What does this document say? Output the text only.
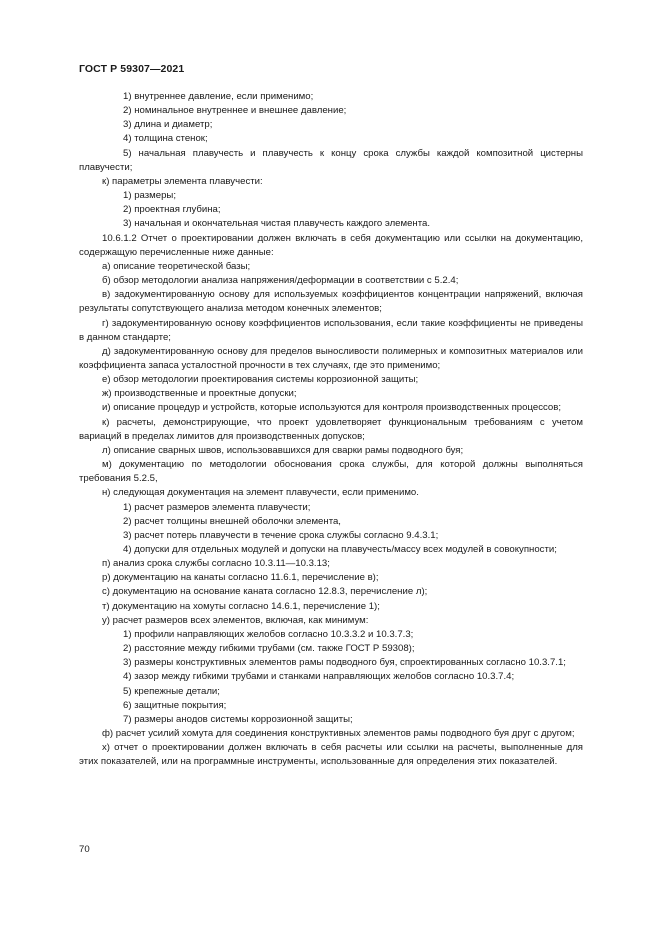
ГОСТ Р 59307—2021

1) внутреннее давление, если применимо;

2) номинальное внутреннее и внешнее давление;

3) длина и диаметр;

4) толщина стенок;

5) начальная плавучесть и плавучесть к концу срока службы каждой композитной цистерны плавучести;

к) параметры элемента плавучести:

1) размеры;

2) проектная глубина;

3) начальная и окончательная чистая плавучесть каждого элемента.

10.6.1.2 Отчет о проектировании должен включать в себя документацию или ссылки на документацию, содержащую перечисленные ниже данные:

а) описание теоретической базы;

б) обзор методологии анализа напряжения/деформации в соответствии с 5.2.4;

в) задокументированную основу для используемых коэффициентов концентрации напряжений, включая результаты сопутствующего анализа методом конечных элементов;

г) задокументированную основу коэффициентов использования, если такие коэффициенты не приведены в данном стандарте;

д) задокументированную основу для пределов выносливости полимерных и композитных материалов или коэффициента запаса усталостной прочности в тех случаях, где это применимо;

е) обзор методологии проектирования системы коррозионной защиты;

ж) производственные и проектные допуски;

и) описание процедур и устройств, которые используются для контроля производственных процессов;

к) расчеты, демонстрирующие, что проект удовлетворяет функциональным требованиям с учетом вариаций в пределах лимитов для производственных допусков;

л) описание сварных швов, использовавшихся для сварки рамы подводного буя;

м) документацию по методологии обоснования срока службы, для которой должны выполняться требования 5.2.5,

н) следующая документация на элемент плавучести, если применимо.

1) расчет размеров элемента плавучести;

2) расчет толщины внешней оболочки элемента,

3) расчет потерь плавучести в течение срока службы согласно 9.4.3.1;

4) допуски для отдельных модулей и допуски на плавучесть/массу всех модулей в совокупности;

п) анализ срока службы согласно 10.3.11—10.3.13;

р) документацию на канаты согласно 11.6.1, перечисление в);

с) документацию на основание каната согласно 12.8.3, перечисление л);

т) документацию на хомуты согласно 14.6.1, перечисление 1);

у) расчет размеров всех элементов, включая, как минимум:

1) профили направляющих желобов согласно 10.3.3.2 и 10.3.7.3;

2) расстояние между гибкими трубами (см. также ГОСТ Р 59308);

3) размеры конструктивных элементов рамы подводного буя, спроектированных согласно 10.3.7.1;

4) зазор между гибкими трубами и станками направляющих желобов согласно 10.3.7.4;

5) крепежные детали;

6) защитные покрытия;

7) размеры анодов системы коррозионной защиты;

ф) расчет усилий хомута для соединения конструктивных элементов рамы подводного буя друг с другом;

х) отчет о проектировании должен включать в себя расчеты или ссылки на расчеты, выполненные для этих показателей, или на программные инструменты, использованные для определения этих показателей.

70
